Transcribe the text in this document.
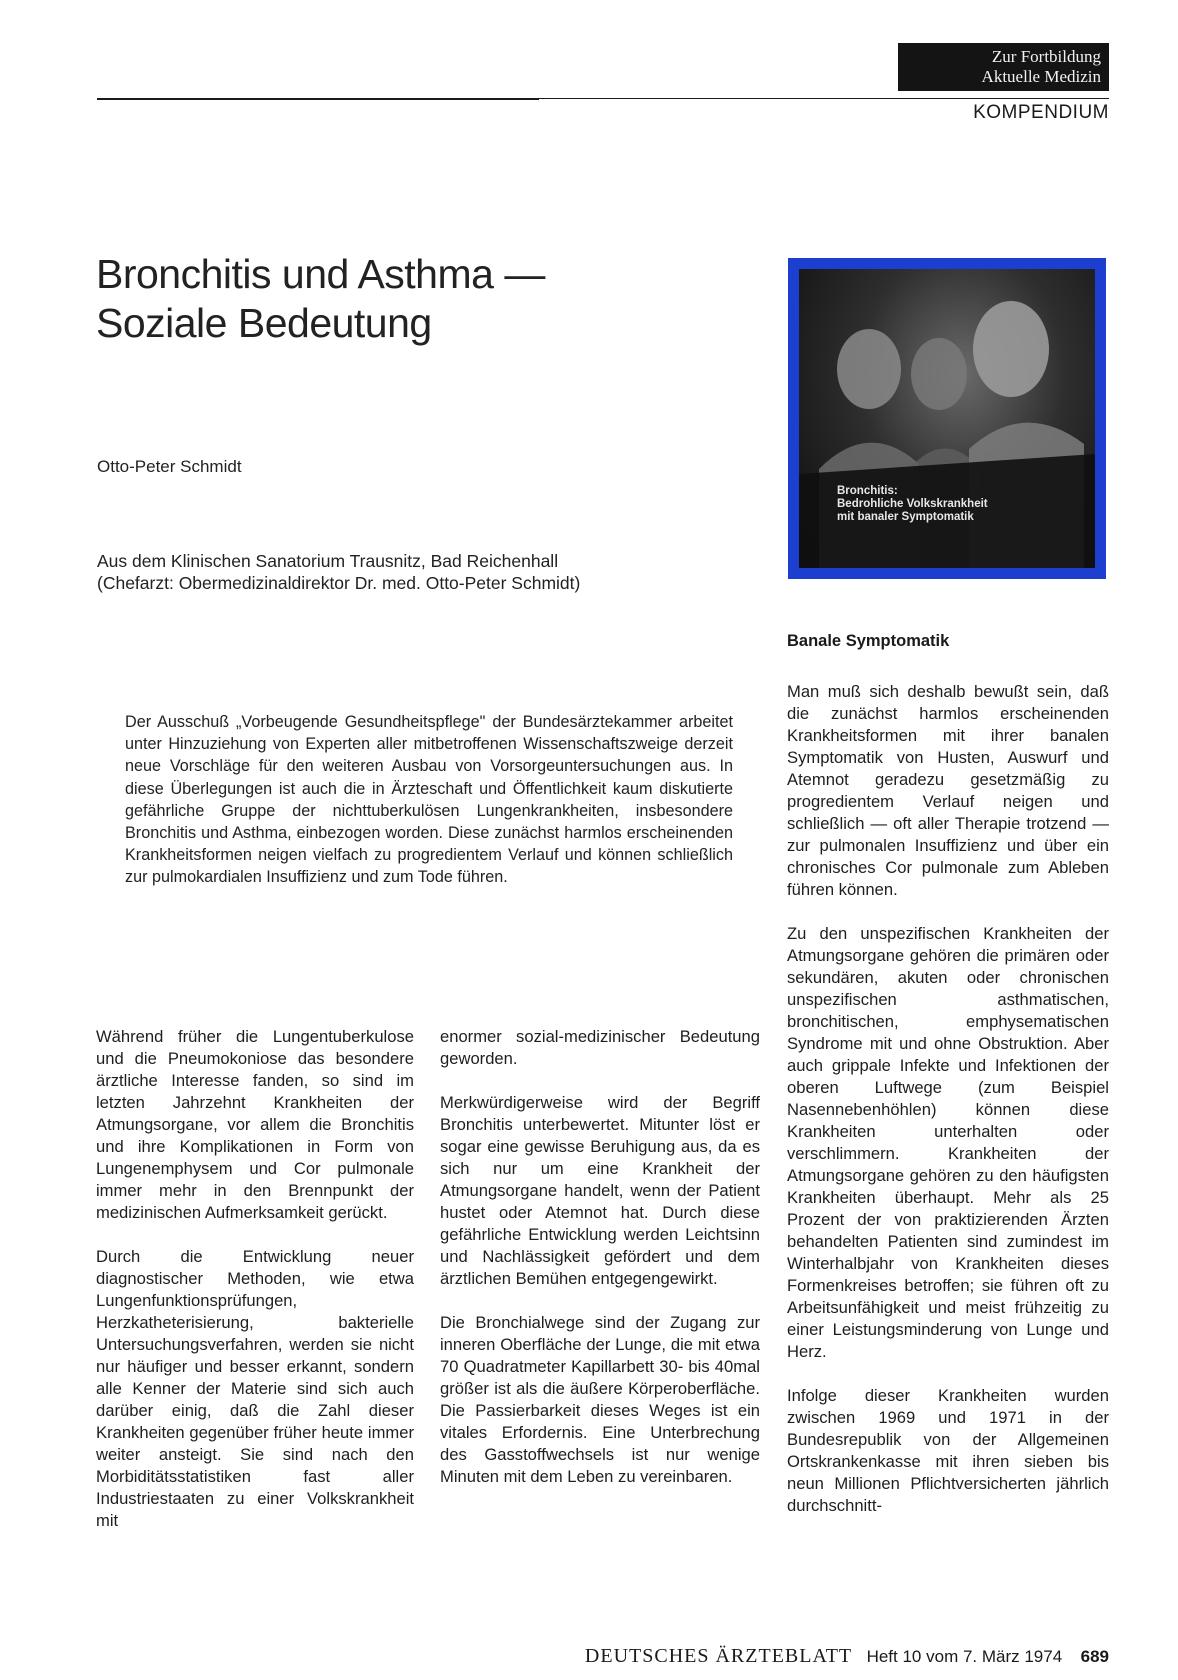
Zur Fortbildung
Aktuelle Medizin
KOMPENDIUM
Bronchitis und Asthma —
Soziale Bedeutung
Otto-Peter Schmidt
Aus dem Klinischen Sanatorium Trausnitz, Bad Reichenhall
(Chefarzt: Obermedizinaldirektor Dr. med. Otto-Peter Schmidt)
Bronchitis:
Bedrohliche Volkskrankheit
mit banaler Symptomatik
Der Ausschuß „Vorbeugende Gesundheitspflege" der Bundesärztekammer arbeitet unter Hinzuziehung von Experten aller mitbetroffenen Wissenschaftszweige derzeit neue Vorschläge für den weiteren Ausbau von Vorsorgeuntersuchungen aus. In diese Überlegungen ist auch die in Ärzteschaft und Öffentlichkeit kaum diskutierte gefährliche Gruppe der nichttuberkulösen Lungenkrankheiten, insbesondere Bronchitis und Asthma, einbezogen worden. Diese zunächst harmlos erscheinenden Krankheitsformen neigen vielfach zu progredientem Verlauf und können schließlich zur pulmokardialen Insuffizienz und zum Tode führen.

Während früher die Lungentuberkulose und die Pneumokoniose das besondere ärztliche Interesse fanden, so sind im letzten Jahrzehnt Krankheiten der Atmungsorgane, vor allem die Bronchitis und ihre Komplikationen in Form von Lungenemphysem und Cor pulmonale immer mehr in den Brennpunkt der medizinischen Aufmerksamkeit gerückt.

Durch die Entwicklung neuer diagnostischer Methoden, wie etwa Lungenfunktionsprüfungen, Herzkatheterisierung, bakterielle Untersuchungsverfahren, werden sie nicht nur häufiger und besser erkannt, sondern alle Kenner der Materie sind sich auch darüber einig, daß die Zahl dieser Krankheiten gegenüber früher heute immer weiter ansteigt. Sie sind nach den Morbiditätsstatistiken fast aller Industriestaaten zu einer Volkskrankheit mit

enormer sozial-medizinischer Bedeutung geworden.

Merkwürdigerweise wird der Begriff Bronchitis unterbewertet. Mitunter löst er sogar eine gewisse Beruhigung aus, da es sich nur um eine Krankheit der Atmungsorgane handelt, wenn der Patient hustet oder Atemnot hat. Durch diese gefährliche Entwicklung werden Leichtsinn und Nachlässigkeit gefördert und dem ärztlichen Bemühen entgegengewirkt.

Die Bronchialwege sind der Zugang zur inneren Oberfläche der Lunge, die mit etwa 70 Quadratmeter Kapillarbett 30- bis 40mal größer ist als die äußere Körperoberfläche. Die Passierbarkeit dieses Weges ist ein vitales Erfordernis. Eine Unterbrechung des Gasstoffwechsels ist nur wenige Minuten mit dem Leben zu vereinbaren.

Banale Symptomatik

Man muß sich deshalb bewußt sein, daß die zunächst harmlos erscheinenden Krankheitsformen mit ihrer banalen Symptomatik von Husten, Auswurf und Atemnot geradezu gesetzmäßig zu progredientem Verlauf neigen und schließlich — oft aller Therapie trotzend — zur pulmonalen Insuffizienz und über ein chronisches Cor pulmonale zum Ableben führen können.

Zu den unspezifischen Krankheiten der Atmungsorgane gehören die primären oder sekundären, akuten oder chronischen unspezifischen asthmatischen, bronchitischen, emphysematischen Syndrome mit und ohne Obstruktion. Aber auch grippale Infekte und Infektionen der oberen Luftwege (zum Beispiel Nasennebenhöhlen) können diese Krankheiten unterhalten oder verschlimmern. Krankheiten der Atmungsorgane gehören zu den häufigsten Krankheiten überhaupt. Mehr als 25 Prozent der von praktizierenden Ärzten behandelten Patienten sind zumindest im Winterhalbjahr von Krankheiten dieses Formenkreises betroffen; sie führen oft zu Arbeitsunfähigkeit und meist frühzeitig zu einer Leistungsminderung von Lunge und Herz.

Infolge dieser Krankheiten wurden zwischen 1969 und 1971 in der Bundesrepublik von der Allgemeinen Ortskrankenkasse mit ihren sieben bis neun Millionen Pflichtversicherten jährlich durchschnitt-

DEUTSCHES ÄRZTEBLATT Heft 10 vom 7. März 1974 689
